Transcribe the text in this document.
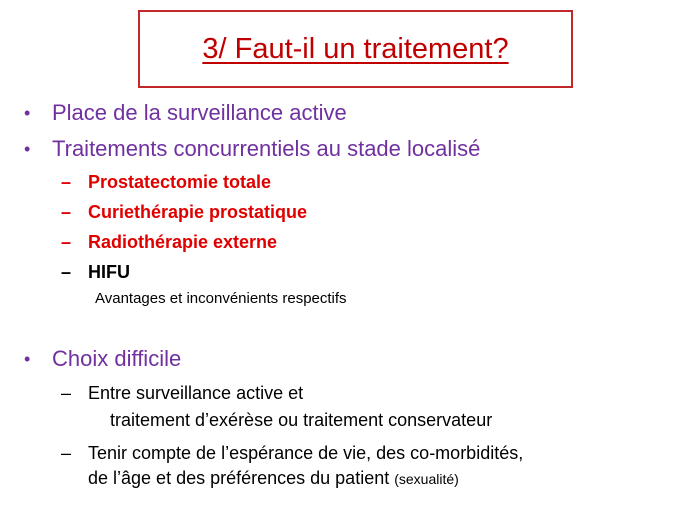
3/ Faut-il un traitement?
• Place de la surveillance active
• Traitements concurrentiels au stade localisé
– Prostatectomie totale
– Curiethérapie prostatique
– Radiothérapie externe
– HIFU
Avantages et inconvénients respectifs
• Choix difficile
– Entre surveillance active et
traitement d’exérèse ou traitement conservateur
– Tenir compte de l’espérance de vie, des co-morbidités,
de l’âge et des préférences du patient (sexualité)
